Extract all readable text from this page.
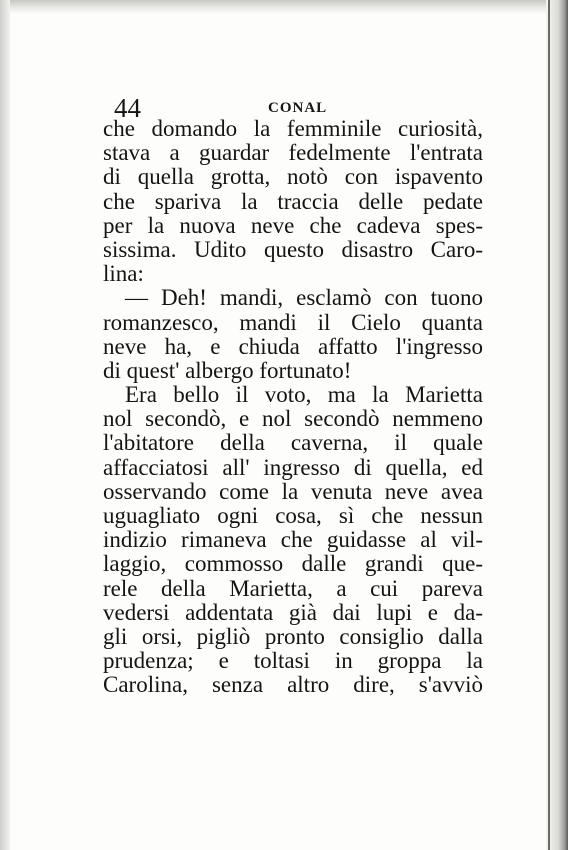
44	CONAL
che domando la femminile curiosità,
stava a guardar fedelmente l'entrata
di quella grotta, notò con ispavento
che spariva la traccia delle pedate
per la nuova neve che cadeva spes-
sissima. Udito questo disastro Caro-
lina:
— Deh! mandi, esclamò con tuono
romanzesco, mandi il Cielo quanta
neve ha, e chiuda affatto l'ingresso
di quest' albergo fortunato!
Era bello il voto, ma la Marietta
nol secondò, e nol secondò nemmeno
l'abitatore della caverna, il quale
affacciatosi all' ingresso di quella, ed
osservando come la venuta neve avea
uguagliato ogni cosa, sì che nessun
indizio rimaneva che guidasse al vil-
laggio, commosso dalle grandi que-
rele della Marietta, a cui pareva
vedersi addentata già dai lupi e da-
gli orsi, pigliò pronto consiglio dalla
prudenza; e toltasi in groppa la
Carolina, senza altro dire, s'avviò
